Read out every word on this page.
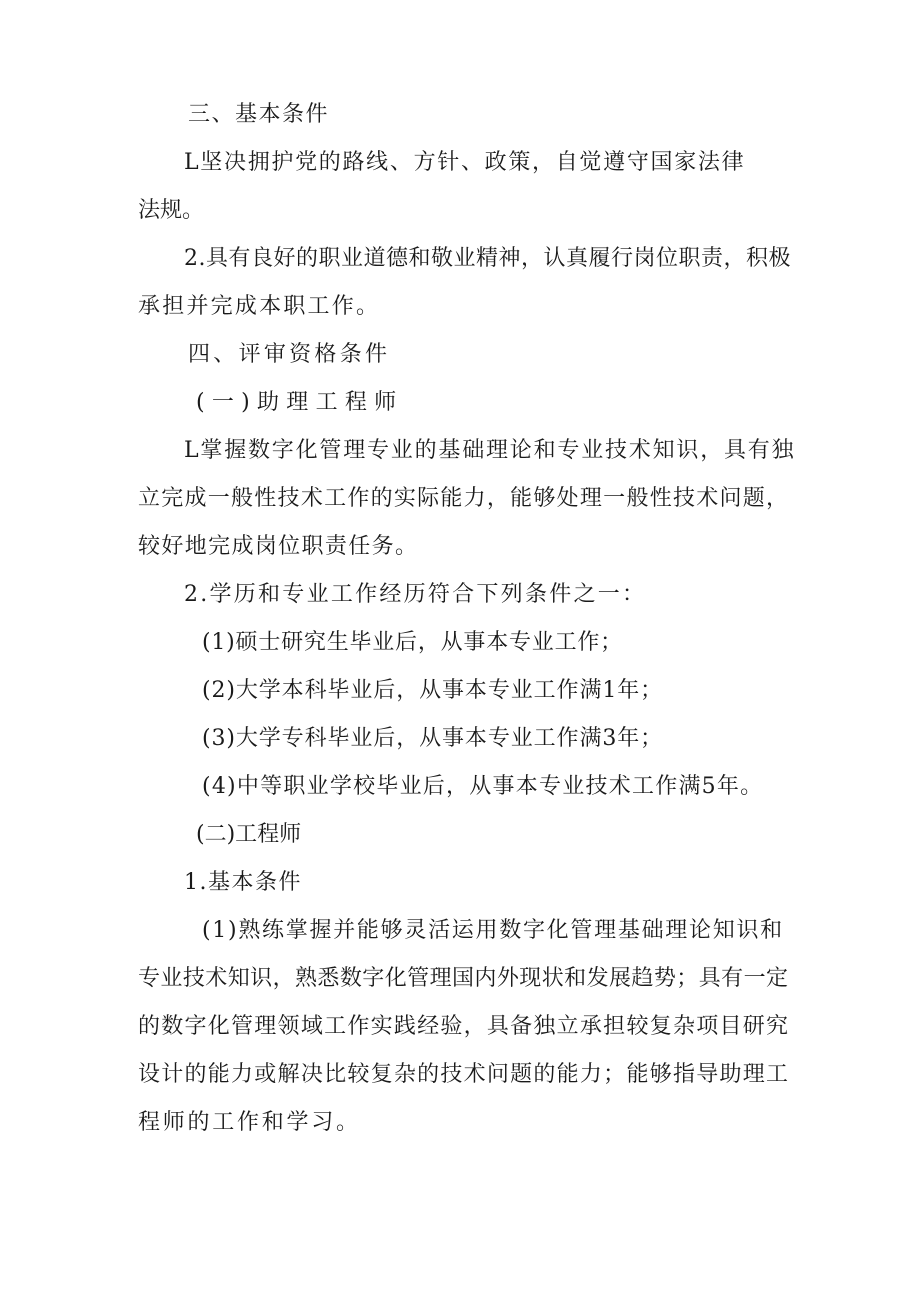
三、基本条件

L坚决拥护党的路线、方针、政策，自觉遵守国家法律

法规。

2.具有良好的职业道德和敬业精神，认真履行岗位职责，积极

承担并完成本职工作。

四、评审资格条件

(一)助理工程师

L掌握数字化管理专业的基础理论和专业技术知识，具有独

立完成一般性技术工作的实际能力，能够处理一般性技术问题，

较好地完成岗位职责任务。

2.学历和专业工作经历符合下列条件之一：

(1)硕士研究生毕业后，从事本专业工作；

(2)大学本科毕业后，从事本专业工作满1年；

(3)大学专科毕业后，从事本专业工作满3年；

(4)中等职业学校毕业后，从事本专业技术工作满5年。

(二)工程师

1.基本条件

(1)熟练掌握并能够灵活运用数字化管理基础理论知识和

专业技术知识，熟悉数字化管理国内外现状和发展趋势；具有一定

的数字化管理领域工作实践经验，具备独立承担较复杂项目研究

设计的能力或解决比较复杂的技术问题的能力；能够指导助理工

程师的工作和学习。
